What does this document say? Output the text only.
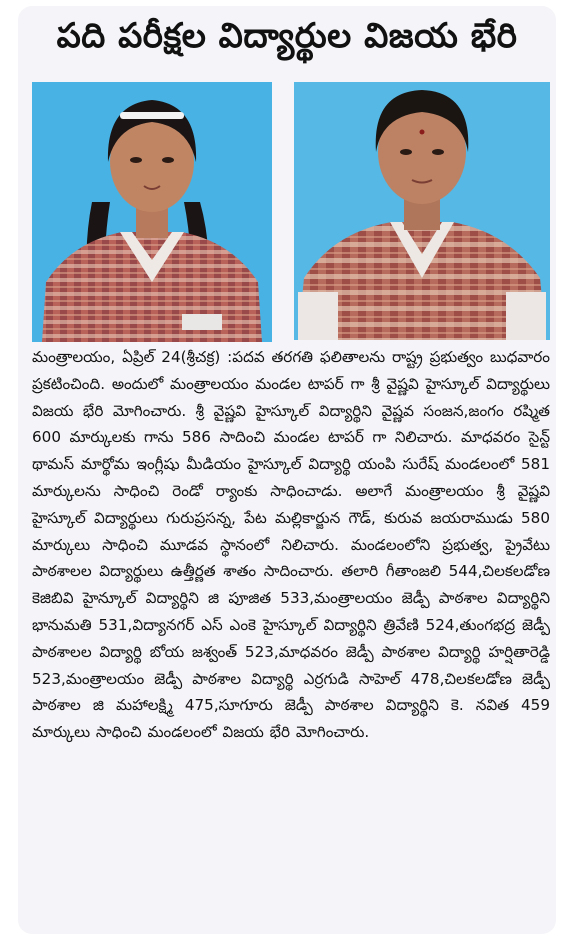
పది పరీక్షల విద్యార్థుల విజయ భేరి
మంత్రాలయం, ఏప్రిల్ 24(శ్రీచక్ర) :పదవ తరగతి ఫలితాలను రాష్ట్ర ప్రభుత్వం బుధవారం ప్రకటించింది. అందులో మంత్రాలయం మండల టాపర్ గా శ్రీ వైష్ణవి హైస్కూల్ విద్యార్థులు విజయ భేరి మోగించారు. శ్రీ వైష్ణవి హైస్కూల్ విద్యార్థిని వైష్ణవ సంజన,జంగం రష్మిత 600 మార్కులకు గాను 586 సాదించి మండల టాపర్ గా నిలిచారు. మాధవరం సైన్ట్ థామస్ మార్థోమ ఇంగ్లీషు మీడియం హైస్కూల్ విద్యార్థి యంపి సురేష్ మండలంలో 581 మార్కులను సాధించి రెండో ర్యాంకు సాధించాడు. అలాగే మంత్రాలయం శ్రీ వైష్ణవి హైస్కూల్ విద్యార్థులు గురుప్రసన్న, పేట మల్లికార్జున గౌడ్, కురువ జయరాముడు 580 మార్కులు సాధించి మూడవ స్థానంలో నిలిచారు. మండలంలోని ప్రభుత్వ, ప్రైవేటు పాఠశాలల విద్యార్థులు ఉత్తీర్ణత శాతం సాదించారు. తలారి గీతాంజలి 544,చిలకలడోణ కెజిబివి హైన్కూల్ విద్యార్థిని జి పూజిత 533,మంత్రాలయం జెడ్పీ పాఠశాల విద్యార్థిని భానుమతి 531,విద్యానగర్ ఎస్ ఎంకె హైస్కూల్ విద్యార్థిని త్రివేణి 524,తుంగభద్ర జెడ్పీ పాఠశాలల విద్యార్థి బోయ జశ్వంత్ 523,మాధవరం జెడ్పీ పాఠశాల విద్యార్థి హర్షితారెడ్డి 523,మంత్రాలయం జెడ్పీ పాఠశాల విద్యార్థి ఎర్రగుడి సాహెల్ 478,చిలకలడోణ జెడ్పీ పాఠశాల జి మహాలక్ష్మి 475,సూగూరు జెడ్పీ పాఠశాల విద్యార్థిని కె. నవిత 459 మార్కులు సాధించి మండలంలో విజయ భేరి మోగించారు.
